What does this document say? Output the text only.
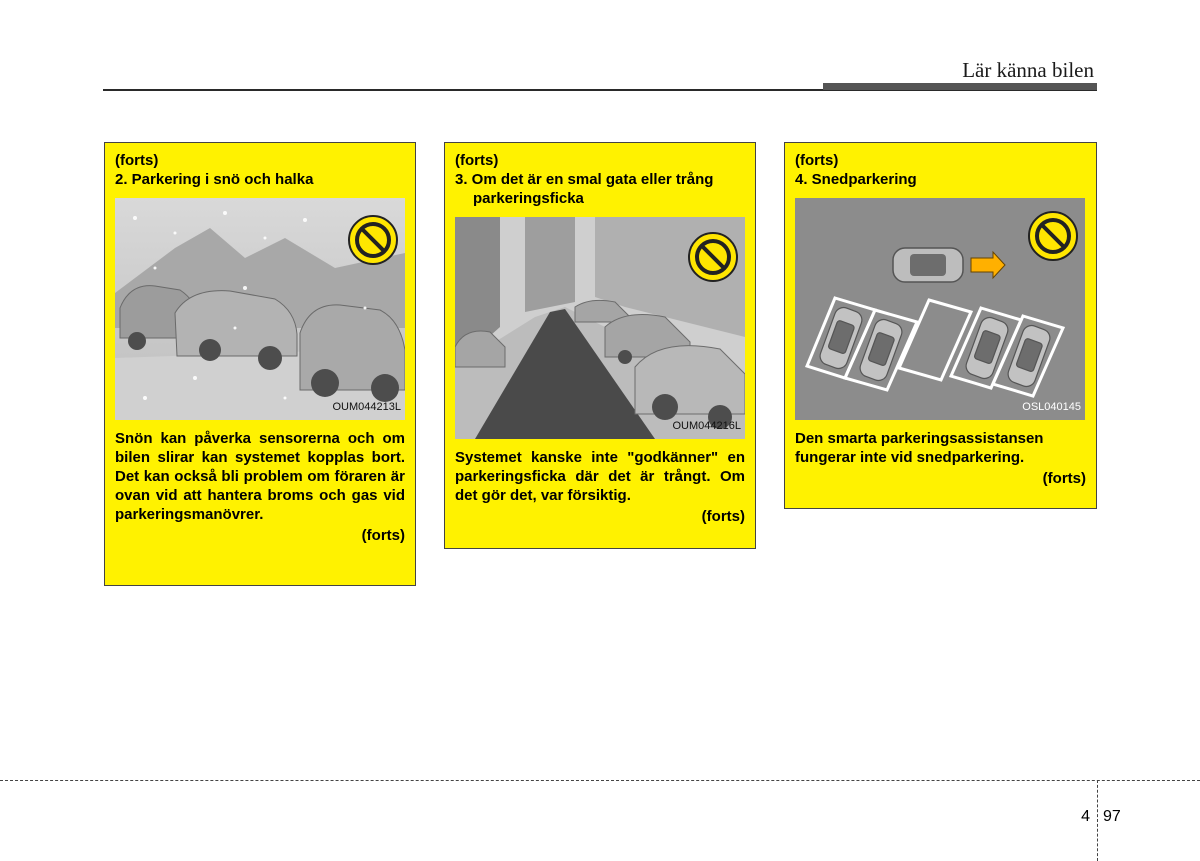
Lär känna bilen
(forts)
2. Parkering i snö och halka
OUM044213L

Snön kan påverka sensorerna och om bilen slirar kan systemet kopplas bort. Det kan också bli problem om föraren är ovan vid att hantera broms och gas vid parkeringsmanövrer.

(forts)

(forts)
3. Om det är en smal gata eller trång parkeringsficka
OUM044216L

Systemet kanske inte "godkänner" en parkeringsficka där det är trångt. Om det gör det, var försiktig.

(forts)

(forts)
4. Snedparkering
OSL040145

Den smarta parkeringsassistansen fungerar inte vid snedparkering.

(forts)

4 97
